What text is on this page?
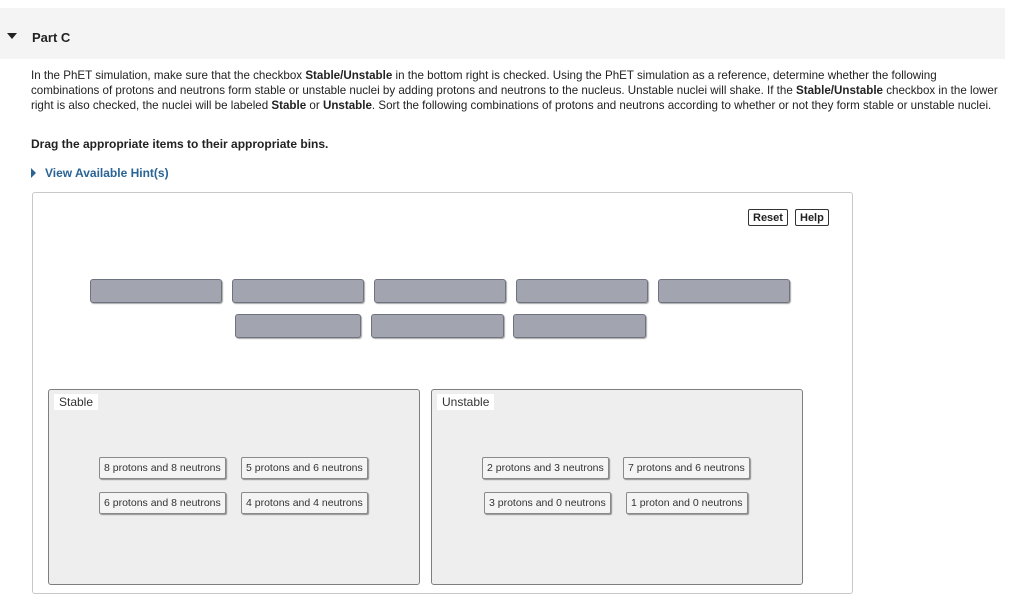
Part C
In the PhET simulation, make sure that the checkbox Stable/Unstable in the bottom right is checked. Using the PhET simulation as a reference, determine whether the following combinations of protons and neutrons form stable or unstable nuclei by adding protons and neutrons to the nucleus. Unstable nuclei will shake. If the Stable/Unstable checkbox in the lower right is also checked, the nuclei will be labeled Stable or Unstable. Sort the following combinations of protons and neutrons according to whether or not they form stable or unstable nuclei.
Drag the appropriate items to their appropriate bins.
View Available Hint(s)
Reset	Help
Stable
8 protons and 8 neutrons	5 protons and 6 neutrons
6 protons and 8 neutrons	4 protons and 4 neutrons
Unstable
2 protons and 3 neutrons	7 protons and 6 neutrons
3 protons and 0 neutrons	1 proton and 0 neutrons
